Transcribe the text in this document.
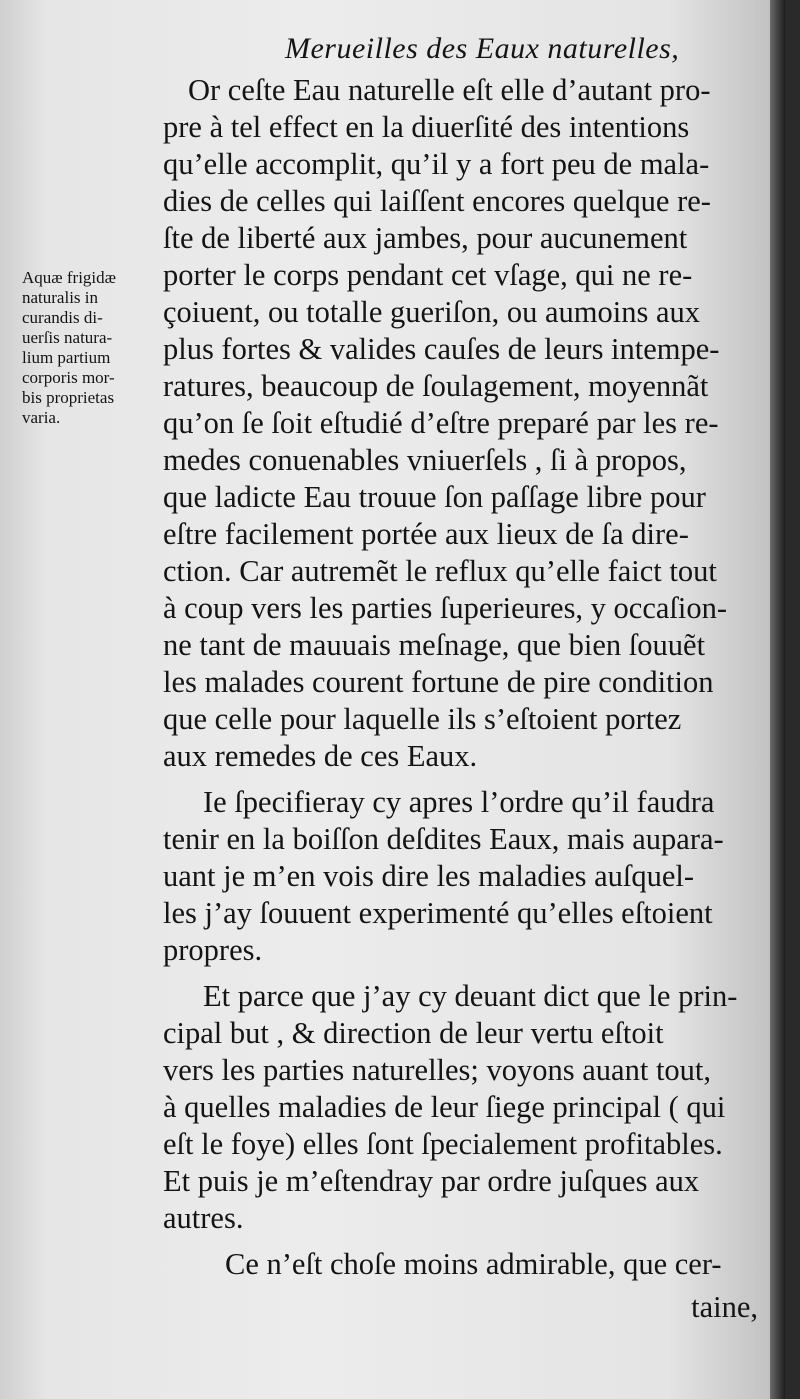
Merueilles des Eaux naturelles,
Aquæ frigidæ
naturalis in
curandis di-
uerſis natura-
lium partium
corporis mor-
bis proprietas
varia.
Or ceſte Eau naturelle eſt elle d’autant pro-
pre à tel effect en la diuerſité des intentions
qu’elle accomplit, qu’il y a fort peu de mala-
dies de celles qui laiſſent encores quelque re-
ſte de liberté aux jambes, pour aucunement
porter le corps pendant cet vſage, qui ne re-
çoiuent, ou totalle gueriſon, ou aumoins aux
plus fortes & valides cauſes de leurs intempe-
ratures, beaucoup de ſoulagement, moyennãt
qu’on ſe ſoit eſtudié d’eſtre preparé par les re-
medes conuenables vniuerſels , ſi à propos,
que ladicte Eau trouue ſon paſſage libre pour
eſtre facilement portée aux lieux de ſa dire-
ction. Car autremẽt le reflux qu’elle faict tout
à coup vers les parties ſuperieures, y occaſion-
ne tant de mauuais meſnage, que bien ſouuẽt
les malades courent fortune de pire condition
que celle pour laquelle ils s’eſtoient portez
aux remedes de ces Eaux.
Ie ſpecifieray cy apres l’ordre qu’il faudra
tenir en la boiſſon deſdites Eaux, mais aupara-
uant je m’en vois dire les maladies auſquel-
les j’ay ſouuent experimenté qu’elles eſtoient
propres.
Et parce que j’ay cy deuant dict que le prin-
cipal but , & direction de leur vertu eſtoit
vers les parties naturelles; voyons auant tout,
à quelles maladies de leur ſiege principal ( qui
eſt le foye) elles ſont ſpecialement profitables.
Et puis je m’eſtendray par ordre juſques aux
autres.
Ce n’eſt choſe moins admirable, que cer-
taine,
